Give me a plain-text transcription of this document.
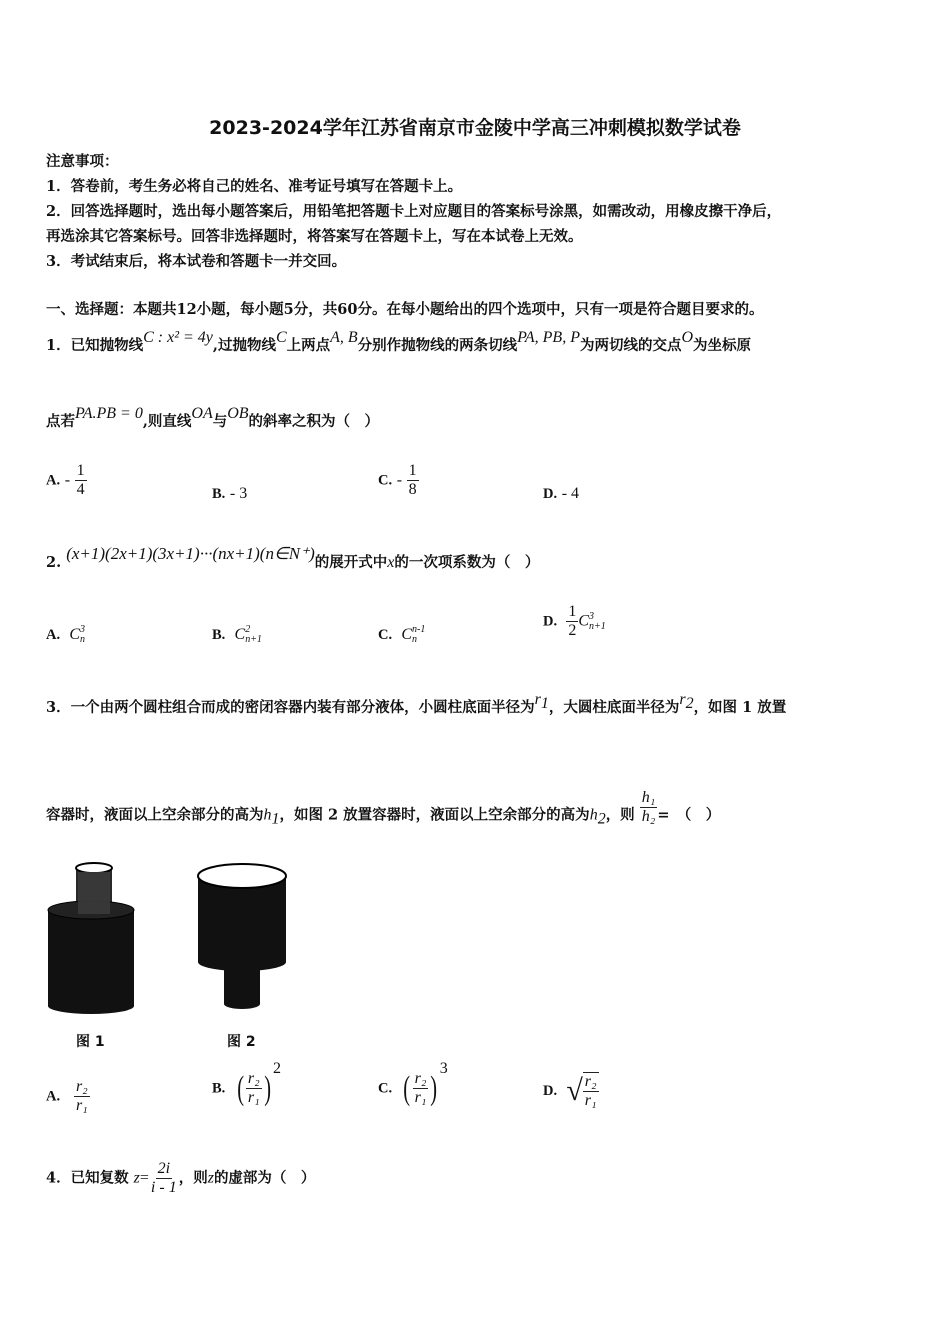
2023-2024学年江苏省南京市金陵中学高三冲刺模拟数学试卷
注意事项：
1．答卷前，考生务必将自己的姓名、准考证号填写在答题卡上。
2．回答选择题时，选出每小题答案后，用铅笔把答题卡上对应题目的答案标号涂黑，如需改动，用橡皮擦干净后，
再选涂其它答案标号。回答非选择题时，将答案写在答题卡上，写在本试卷上无效。
3．考试结束后，将本试卷和答题卡一并交回。
一、选择题：本题共12小题，每小题5分，共60分。在每小题给出的四个选项中，只有一项是符合题目要求的。
1．已知抛物线C : x² = 4y,过抛物线C上两点A, B分别作抛物线的两条切线PA, PB, P为两切线的交点O为坐标原
点若PA.PB = 0,则直线OA与OB的斜率之积为（　）
A. - $\frac{1}{4}$	B. - 3
C. - $\frac{1}{8}$	D. - 4
2. (x+1)(2x+1)(3x+1)···(nx+1)(n∈N⁺)的展开式中x的一次项系数为（　）
A. C 3
n	B. C 2
n+1	C. C n-1
n
D. $\frac{1}{2}$ C 3
n+1
3．一个由两个圆柱组合而成的密闭容器内装有部分液体，小圆柱底面半径为$r_1$，大圆柱底面半径为$r_2$，如图 1 放置
容器时，液面以上空余部分的高为$h_1$，如图 2 放置容器时，液面以上空余部分的高为$h_2$，则 $\frac{\text{h₁}}{\text{h₂}}$ =　（　）
图 1	图 2
A. $\frac{\text{r₂}}{\text{r₁}}$	B. ( $\frac{\text{r₂}}{\text{r₁}} )^2$
C. ( $\frac{\text{r₂}}{\text{r₁}} )^3$
D. √ $\frac{\text{r₂}}{\text{r₁}}$
4．已知复数 $z= \frac{2i}{i - 1}$ ，则z的虚部为（　）
